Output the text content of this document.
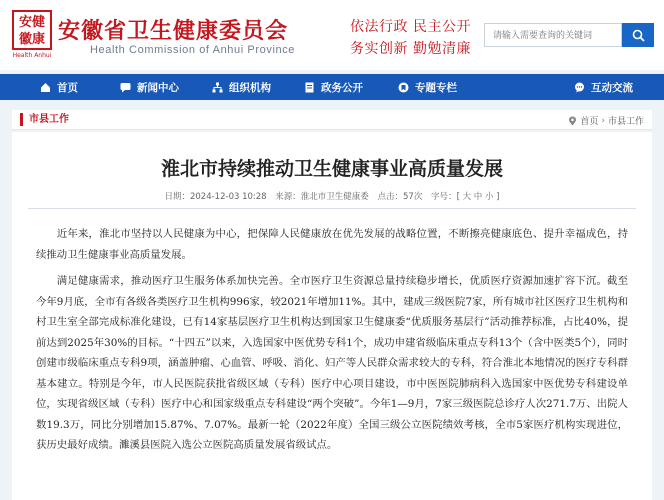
安健
徽康
Health Anhui
安徽省卫生健康委员会
Health Commission of Anhui Province
依法行政 民主公开
务实创新 勤勉清廉
请输入需要查询的关键词
首页	新闻中心	组织机构	政务公开	专题专栏	互动交流
市县工作	首页 › 市县工作
淮北市持续推动卫生健康事业高质量发展
日期：2024-12-03 10:28 来源：淮北市卫生健康委 点击：57次 字号：[ 大 中 小 ]

近年来，淮北市坚持以人民健康为中心，把保障人民健康放在优先发展的战略位置，不断擦亮健康底色、提升幸福成色，持续推动卫生健康事业高质量发展。

满足健康需求，推动医疗卫生服务体系加快完善。全市医疗卫生资源总量持续稳步增长，优质医疗资源加速扩容下沉。截至今年9月底，全市有各级各类医疗卫生机构996家，较2021年增加11%。其中，建成三级医院7家，所有城市社区医疗卫生机构和村卫生室全部完成标准化建设，已有14家基层医疗卫生机构达到国家卫生健康委“优质服务基层行”活动推荐标准，占比40%，提前达到2025年30%的目标。“十四五”以来，入选国家中医优势专科1个，成功申建省级临床重点专科13个（含中医类5个），同时创建市级临床重点专科9项，涵盖肿瘤、心血管、呼吸、消化、妇产等人民群众需求较大的专科，符合淮北本地情况的医疗专科群基本建立。特别是今年，市人民医院获批省级区域（专科）医疗中心项目建设，市中医医院肺病科入选国家中医优势专科建设单位，实现省级区域（专科）医疗中心和国家级重点专科建设“两个突破”。今年1—9月，7家三级医院总诊疗人次271.7万、出院人数19.3万，同比分别增加15.87%、7.07%。最新一轮（2022年度）全国三级公立医院绩效考核，全市5家医疗机构实现进位，获历史最好成绩。濉溪县医院入选公立医院高质量发展省级试点。
